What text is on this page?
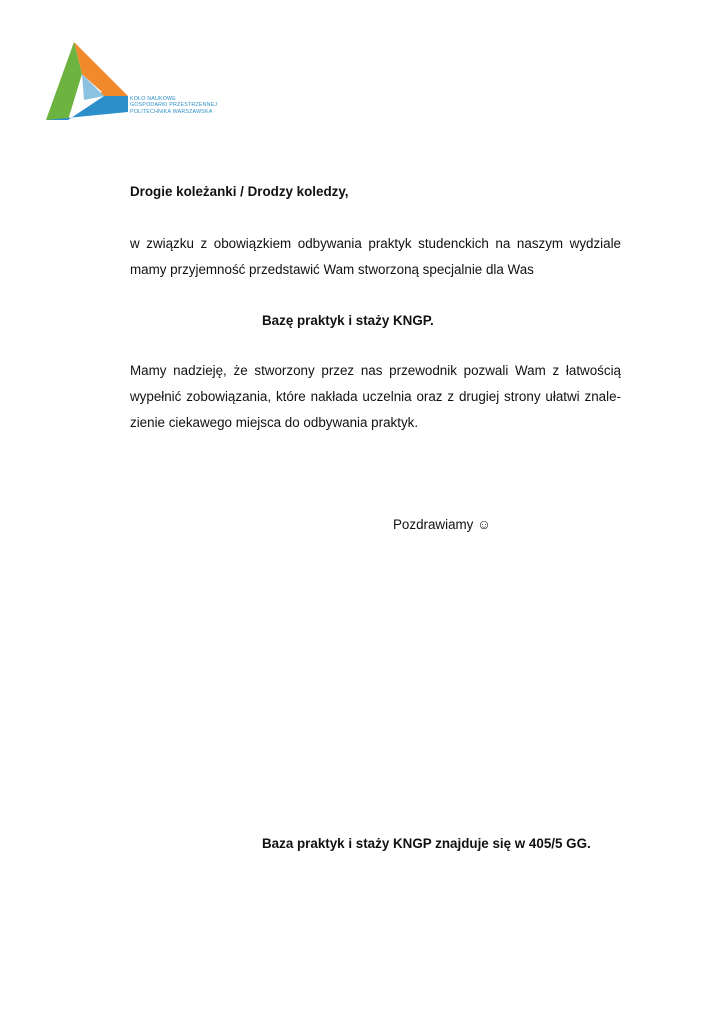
KOŁO NAUKOWE
GOSPODARKI PRZESTRZENNEJ
POLITECHNIKA WARSZAWSKA
Drogie koleżanki / Drodzy koledzy,
w związku z obowiązkiem odbywania praktyk studenckich na naszym wydziale
mamy przyjemność przedstawić Wam stworzoną specjalnie dla Was
Bazę praktyk i staży KNGP.
Mamy nadzieję, że stworzony przez nas przewodnik pozwali Wam z łatwością
wypełnić zobowiązania, które nakłada uczelnia oraz z drugiej strony ułatwi znale-
zienie ciekawego miejsca do odbywania praktyk.
Pozdrawiamy ☺
Baza praktyk i staży KNGP znajduje się w 405/5 GG.
